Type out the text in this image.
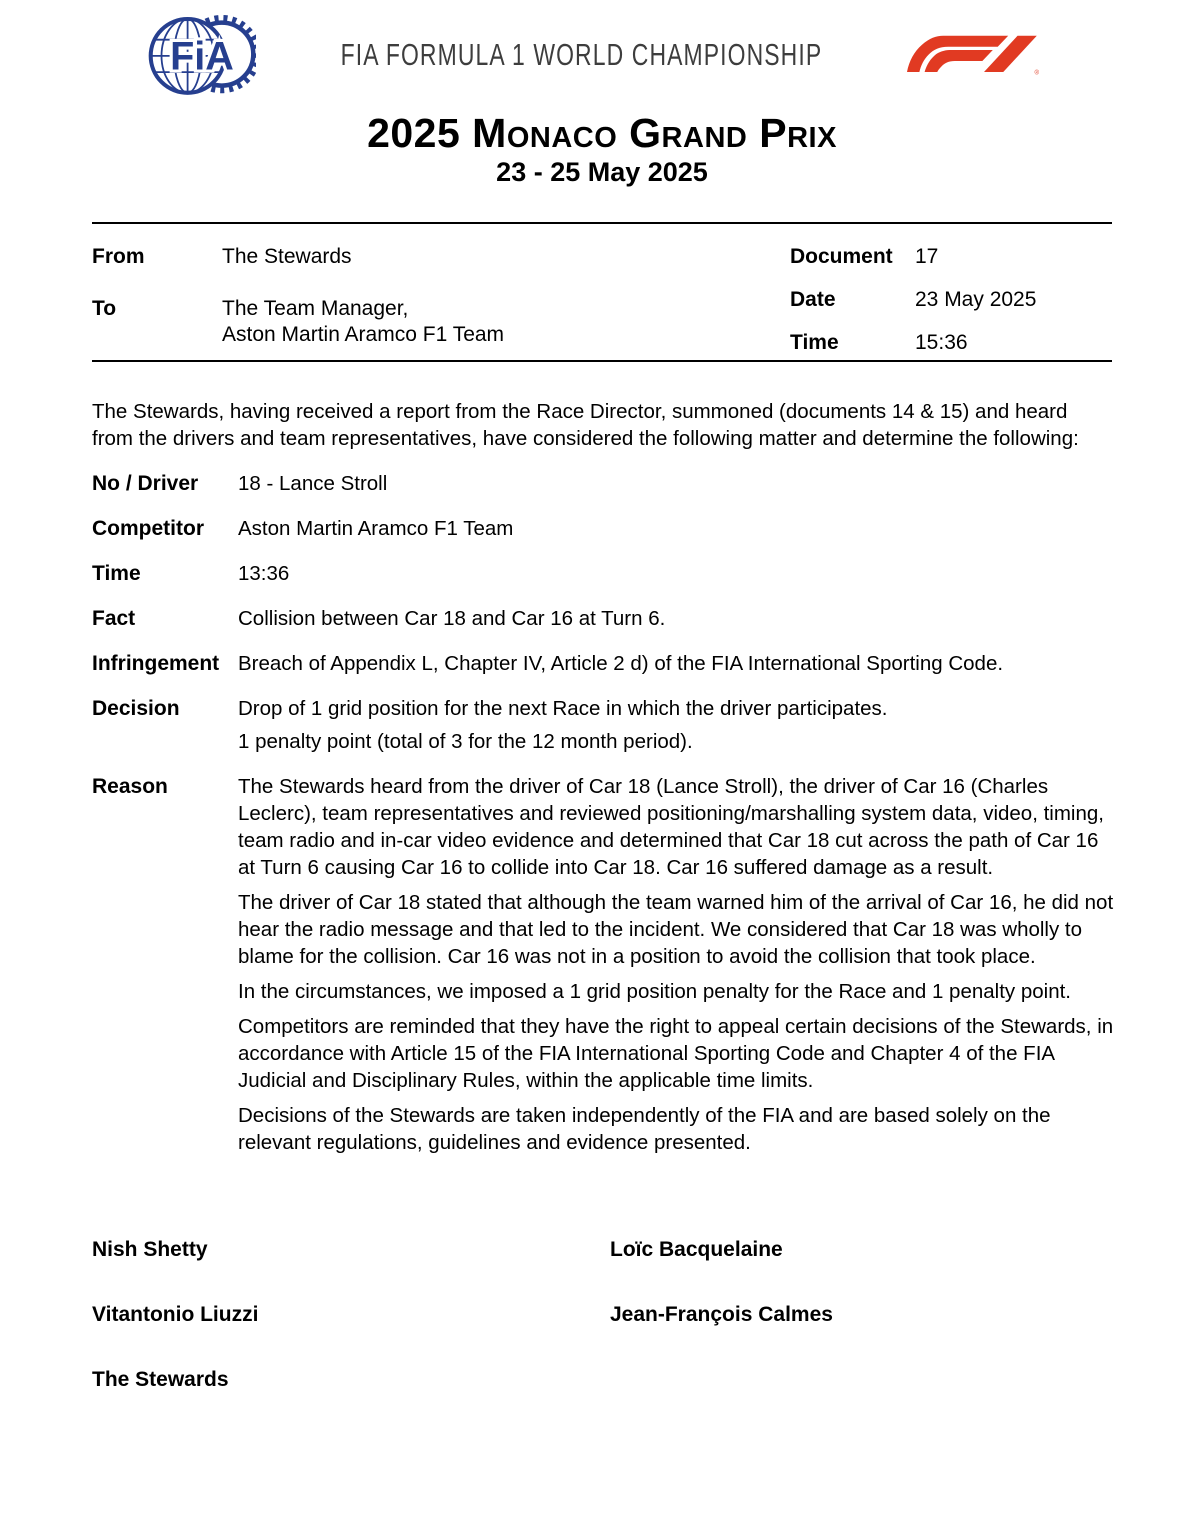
FiA	FIA FORMULA 1 WORLD CHAMPIONSHIP
®
2025 Monaco Grand Prix
23 - 25 May 2025
From	The Stewards
To	The Team Manager,
Aston Martin Aramco F1 Team
Document	17
Date	23 May 2025
Time	15:36

The Stewards, having received a report from the Race Director, summoned (documents 14 & 15) and heard from the drivers and team representatives, have considered the following matter and determine the following:

No / Driver	18 - Lance Stroll
Competitor	Aston Martin Aramco F1 Team
Time	13:36
Fact	Collision between Car 18 and Car 16 at Turn 6.
Infringement Breach of Appendix L, Chapter IV, Article 2 d) of the FIA International Sporting Code.
Decision	Drop of 1 grid position for the next Race in which the driver participates.

1 penalty point (total of 3 for the 12 month period).

Reason	The Stewards heard from the driver of Car 18 (Lance Stroll), the driver of Car 16 (Charles Leclerc), team representatives and reviewed positioning/marshalling system data, video, timing, team radio and in-car video evidence and determined that Car 18 cut across the path of Car 16 at Turn 6 causing Car 16 to collide into Car 18. Car 16 suffered damage as a result.

The driver of Car 18 stated that although the team warned him of the arrival of Car 16, he did not hear the radio message and that led to the incident. We considered that Car 18 was wholly to blame for the collision. Car 16 was not in a position to avoid the collision that took place.

In the circumstances, we imposed a 1 grid position penalty for the Race and 1 penalty point.

Competitors are reminded that they have the right to appeal certain decisions of the Stewards, in accordance with Article 15 of the FIA International Sporting Code and Chapter 4 of the FIA Judicial and Disciplinary Rules, within the applicable time limits.

Decisions of the Stewards are taken independently of the FIA and are based solely on the relevant regulations, guidelines and evidence presented.

Nish Shetty	Loïc Bacquelaine
Vitantonio Liuzzi	Jean-François Calmes
The Stewards
